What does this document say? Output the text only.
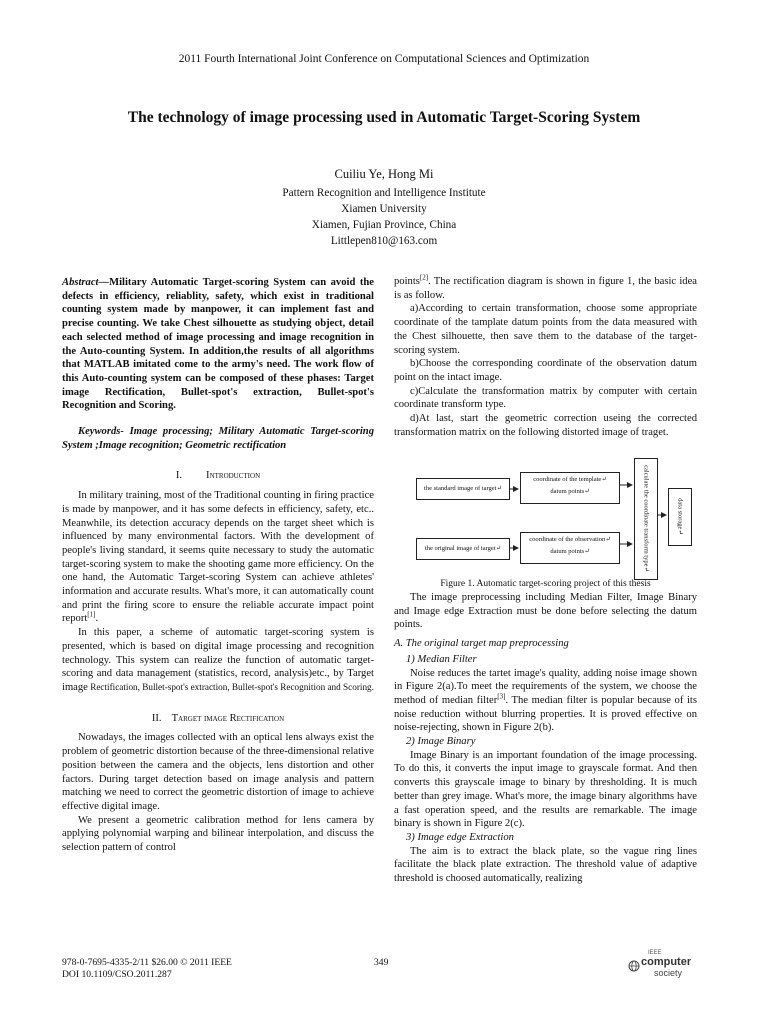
2011 Fourth International Joint Conference on Computational Sciences and Optimization
The technology of image processing used in Automatic Target-Scoring System
Cuiliu Ye, Hong Mi
Pattern Recognition and Intelligence Institute
Xiamen University
Xiamen, Fujian Province, China
Littlepen810@163.com

Abstract—Military Automatic Target-scoring System can avoid the defects in efficiency, reliablity, safety, which exist in traditional counting system made by manpower, it can implement fast and precise counting. We take Chest silhouette as studying object, detail each selected method of image processing and image recognition in the Auto-counting System. In addition,the results of all algorithms that MATLAB imitated come to the army's need. The work flow of this Auto-counting system can be composed of these phases: Target image Rectification, Bullet-spot's extraction, Bullet-spot's Recognition and Scoring.

Keywords- Image processing; Military Automatic Target-scoring System ;Image recognition; Geometric rectification

I. Introduction

In military training, most of the Traditional counting in firing practice is made by manpower, and it has some defects in efficiency, safety, etc.. Meanwhile, its detection accuracy depends on the target sheet which is influenced by many environmental factors. With the development of people's living standard, it seems quite necessary to study the automatic target-scoring system to make the shooting game more efficiency. On the one hand, the Automatic Target-scoring System can achieve athletes' information and accurate results. What's more, it can automatically count and print the firing score to ensure the reliable accurate impact point report[1].

In this paper, a scheme of automatic target-scoring system is presented, which is based on digital image processing and recognition technology. This system can realize the function of automatic target-scoring and data management (statistics, record, analysis)etc., by Target image Rectification, Bullet-spot's extraction, Bullet-spot's Recognition and Scoring.

II. Target image Rectification

Nowadays, the images collected with an optical lens always exist the problem of geometric distortion because of the three-dimensional relative position between the camera and the objects, lens distortion and other factors. During target detection based on image analysis and pattern matching we need to correct the geometric distortion of image to achieve effective digital image.

We present a geometric calibration method for lens camera by applying polynomial warping and bilinear interpolation, and discuss the selection pattern of control

points[2]. The rectification diagram is shown in figure 1, the basic idea is as follow.

a)According to certain transformation, choose some appropriate coordinate of the tamplate datum points from the data measured with the Chest silhouette, then save them to the database of the target-scoring system.

b)Choose the corresponding coordinate of the observation datum point on the intact image.

c)Calculate the transformation matrix by computer with certain coordinate transform type.

d)At last, start the geometric correction useing the corrected transformation matrix on the following distorted image of traget.

the standard image of target↵
coordinate of the template↵
datum points↵
the original image of target↵
coordinate of the observation↵
datum points↵	calculate the coordinate transform type↵	data storage↵
Figure 1. Automatic target-scoring project of this thesis

The image preprocessing including Median Filter, Image Binary and Image edge Extraction must be done before selecting the datum points.

A. The original target map preprocessing

1) Median Filter

Noise reduces the tartet image's quality, adding noise image shown in Figure 2(a).To meet the requirements of the system, we choose the method of median filter[3]. The median filter is popular because of its noise reduction without blurring properties. It is proved effective on noise-rejecting, shown in Figure 2(b).

2) Image Binary

Image Binary is an important foundation of the image processing. To do this, it converts the input image to grayscale format. And then converts this grayscale image to binary by thresholding. It is much better than grey image. What's more, the image binary algorithms have a fast operation speed, and the results are remarkable. The image binary is shown in Figure 2(c).

3) Image edge Extraction

The aim is to extract the black plate, so the vague ring lines facilitate the black plate extraction. The threshold value of adaptive threshold is choosed automatically, realizing

978-0-7695-4335-2/11 $26.00 © 2011 IEEE
DOI 10.1109/CSO.2011.287
349
IEEE
computer
society
